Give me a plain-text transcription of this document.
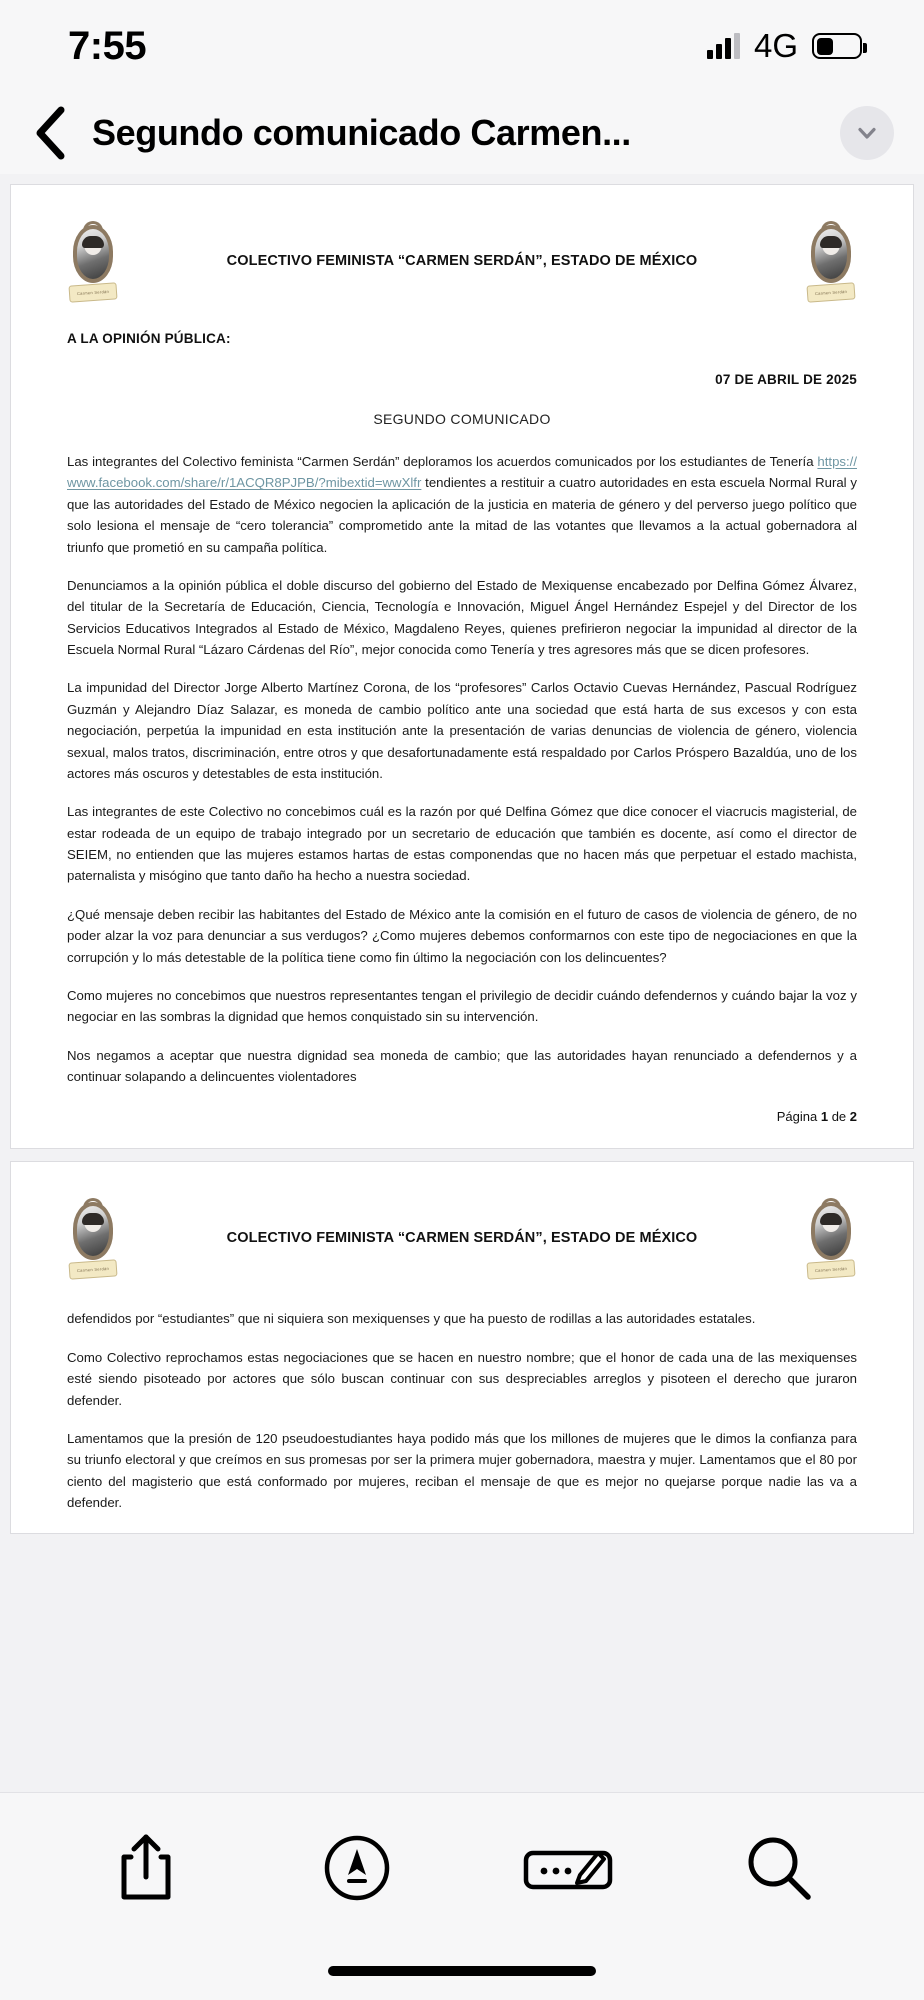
7:55	4G
Segundo comunicado Carmen...
Carmen Serdán
COLECTIVO FEMINISTA “CARMEN SERDÁN”, ESTADO DE MÉXICO
Carmen Serdán
A LA OPINIÓN PÚBLICA:
07 DE ABRIL DE 2025
SEGUNDO COMUNICADO

Las integrantes del Colectivo feminista “Carmen Serdán” deploramos los acuerdos comunicados por los estudiantes de Tenería https://www.facebook.com/share/r/1ACQR8PJPB/?mibextid=wwXlfr tendientes a restituir a cuatro autoridades en esta escuela Normal Rural y que las autoridades del Estado de México negocien la aplicación de la justicia en materia de género y del perverso juego político que solo lesiona el mensaje de “cero tolerancia” comprometido ante la mitad de las votantes que llevamos a la actual gobernadora al triunfo que prometió en su campaña política.

Denunciamos a la opinión pública el doble discurso del gobierno del Estado de Mexiquense encabezado por Delfina Gómez Álvarez, del titular de la Secretaría de Educación, Ciencia, Tecnología e Innovación, Miguel Ángel Hernández Espejel y del Director de los Servicios Educativos Integrados al Estado de México, Magdaleno Reyes, quienes prefirieron negociar la impunidad al director de la Escuela Normal Rural “Lázaro Cárdenas del Río”, mejor conocida como Tenería y tres agresores más que se dicen profesores.

La impunidad del Director Jorge Alberto Martínez Corona, de los “profesores” Carlos Octavio Cuevas Hernández, Pascual Rodríguez Guzmán y Alejandro Díaz Salazar, es moneda de cambio político ante una sociedad que está harta de sus excesos y con esta negociación, perpetúa la impunidad en esta institución ante la presentación de varias denuncias de violencia de género, violencia sexual, malos tratos, discriminación, entre otros y que desafortunadamente está respaldado por Carlos Próspero Bazaldúa, uno de los actores más oscuros y detestables de esta institución.

Las integrantes de este Colectivo no concebimos cuál es la razón por qué Delfina Gómez que dice conocer el viacrucis magisterial, de estar rodeada de un equipo de trabajo integrado por un secretario de educación que también es docente, así como el director de SEIEM, no entienden que las mujeres estamos hartas de estas componendas que no hacen más que perpetuar el estado machista, paternalista y misógino que tanto daño ha hecho a nuestra sociedad.

¿Qué mensaje deben recibir las habitantes del Estado de México ante la comisión en el futuro de casos de violencia de género, de no poder alzar la voz para denunciar a sus verdugos? ¿Como mujeres debemos conformarnos con este tipo de negociaciones en que la corrupción y lo más detestable de la política tiene como fin último la negociación con los delincuentes?

Como mujeres no concebimos que nuestros representantes tengan el privilegio de decidir cuándo defendernos y cuándo bajar la voz y negociar en las sombras la dignidad que hemos conquistado sin su intervención.

Nos negamos a aceptar que nuestra dignidad sea moneda de cambio; que las autoridades hayan renunciado a defendernos y a continuar solapando a delincuentes violentadores

Página 1 de 2
Carmen Serdán
COLECTIVO FEMINISTA “CARMEN SERDÁN”, ESTADO DE MÉXICO
Carmen Serdán

defendidos por “estudiantes” que ni siquiera son mexiquenses y que ha puesto de rodillas a las autoridades estatales.

Como Colectivo reprochamos estas negociaciones que se hacen en nuestro nombre; que el honor de cada una de las mexiquenses esté siendo pisoteado por actores que sólo buscan continuar con sus despreciables arreglos y pisoteen el derecho que juraron defender.

Lamentamos que la presión de 120 pseudoestudiantes haya podido más que los millones de mujeres que le dimos la confianza para su triunfo electoral y que creímos en sus promesas por ser la primera mujer gobernadora, maestra y mujer. Lamentamos que el 80 por ciento del magisterio que está conformado por mujeres, reciban el mensaje de que es mejor no quejarse porque nadie las va a defender.
